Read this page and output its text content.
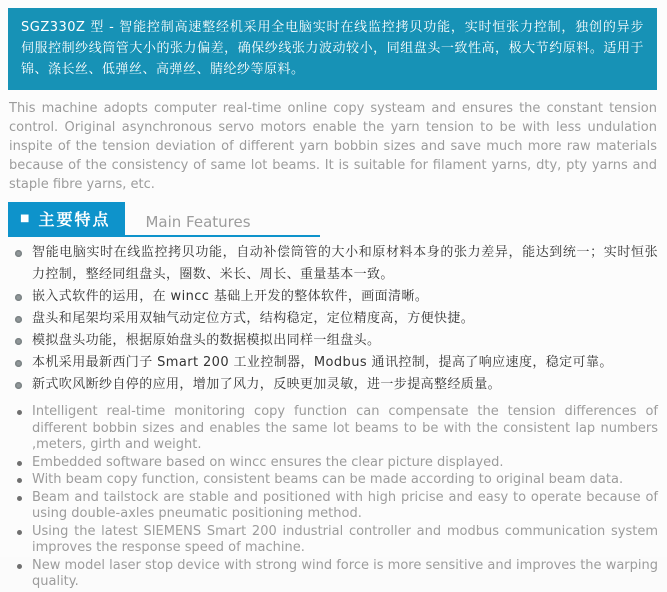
SGZ330Z 型 - 智能控制高速整经机采用全电脑实时在线监控拷贝功能，实时恒张力控制，独创的异步伺服控制纱线筒管大小的张力偏差，确保纱线张力波动较小，同组盘头一致性高，极大节约原料。适用于锦、涤长丝、低弹丝、高弹丝、腈纶纱等原料。

This machine adopts computer real-time online copy systeam and ensures the constant tension control. Original asynchronous servo motors enable the yarn tension to be with less undulation inspite of the tension deviation of different yarn bobbin sizes and save much more raw materials because of the consistency of same lot beams. It is suitable for filament yarns, dty, pty yarns and staple fibre yarns, etc.

■ 主要特点 Main Features
智能电脑实时在线监控拷贝功能，自动补偿筒管的大小和原材料本身的张力差异，能达到统一；实时恒张力控制，整经同组盘头，圈数、米长、周长、重量基本一致。
嵌入式软件的运用，在 wincc 基础上开发的整体软件，画面清晰。
盘头和尾架均采用双轴气动定位方式，结构稳定，定位精度高，方便快捷。
模拟盘头功能，根据原始盘头的数据模拟出同样一组盘头。
本机采用最新西门子 Smart 200 工业控制器，Modbus 通讯控制，提高了响应速度，稳定可靠。
新式吹风断纱自停的应用，增加了风力，反映更加灵敏，进一步提高整经质量。
Intelligent real-time monitoring copy function can compensate the tension differences of different bobbin sizes and enables the same lot beams to be with the consistent lap numbers ,meters, girth and weight.
Embedded software based on wincc ensures the clear picture displayed.
With beam copy function, consistent beams can be made according to original beam data.
Beam and tailstock are stable and positioned with high pricise and easy to operate because of using double-axles pneumatic positioning method.
Using the latest SIEMENS Smart 200 industrial controller and modbus communication system improves the response speed of machine.
New model laser stop device with strong wind force is more sensitive and improves the warping quality.
